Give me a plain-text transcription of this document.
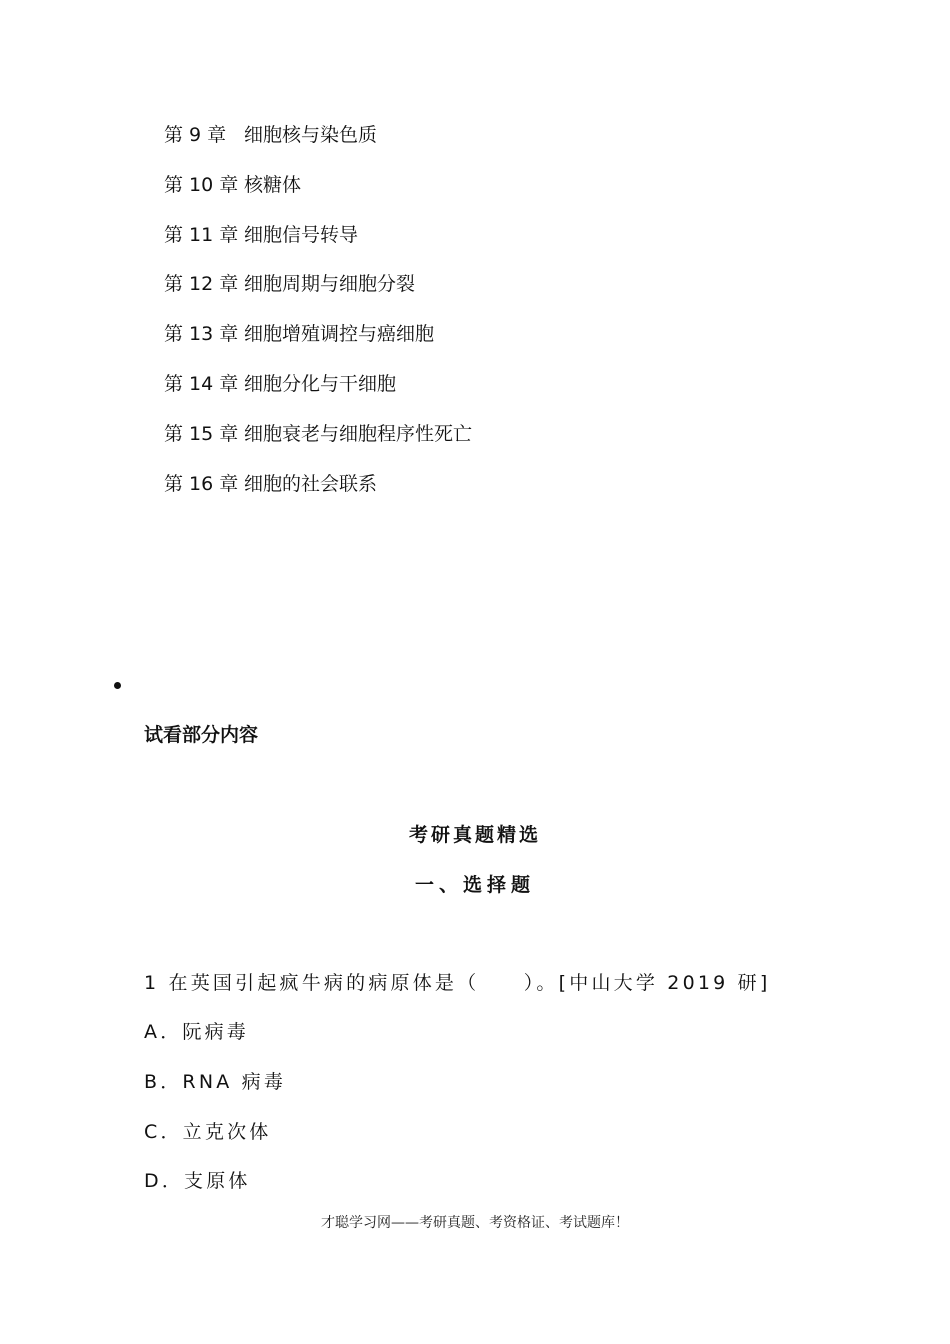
第 9 章 细胞核与染色质
第 10 章 核糖体
第 11 章 细胞信号转导
第 12 章 细胞周期与细胞分裂
第 13 章 细胞增殖调控与癌细胞
第 14 章 细胞分化与干细胞
第 15 章 细胞衰老与细胞程序性死亡
第 16 章 细胞的社会联系
试看部分内容
考研真题精选
一、选择题

1 在英国引起疯牛病的病原体是（　　）。[中山大学 2019 研]

A．阮病毒
B．RNA 病毒
C．立克次体
D．支原体

才聪学习网——考研真题、考资格证、考试题库！
